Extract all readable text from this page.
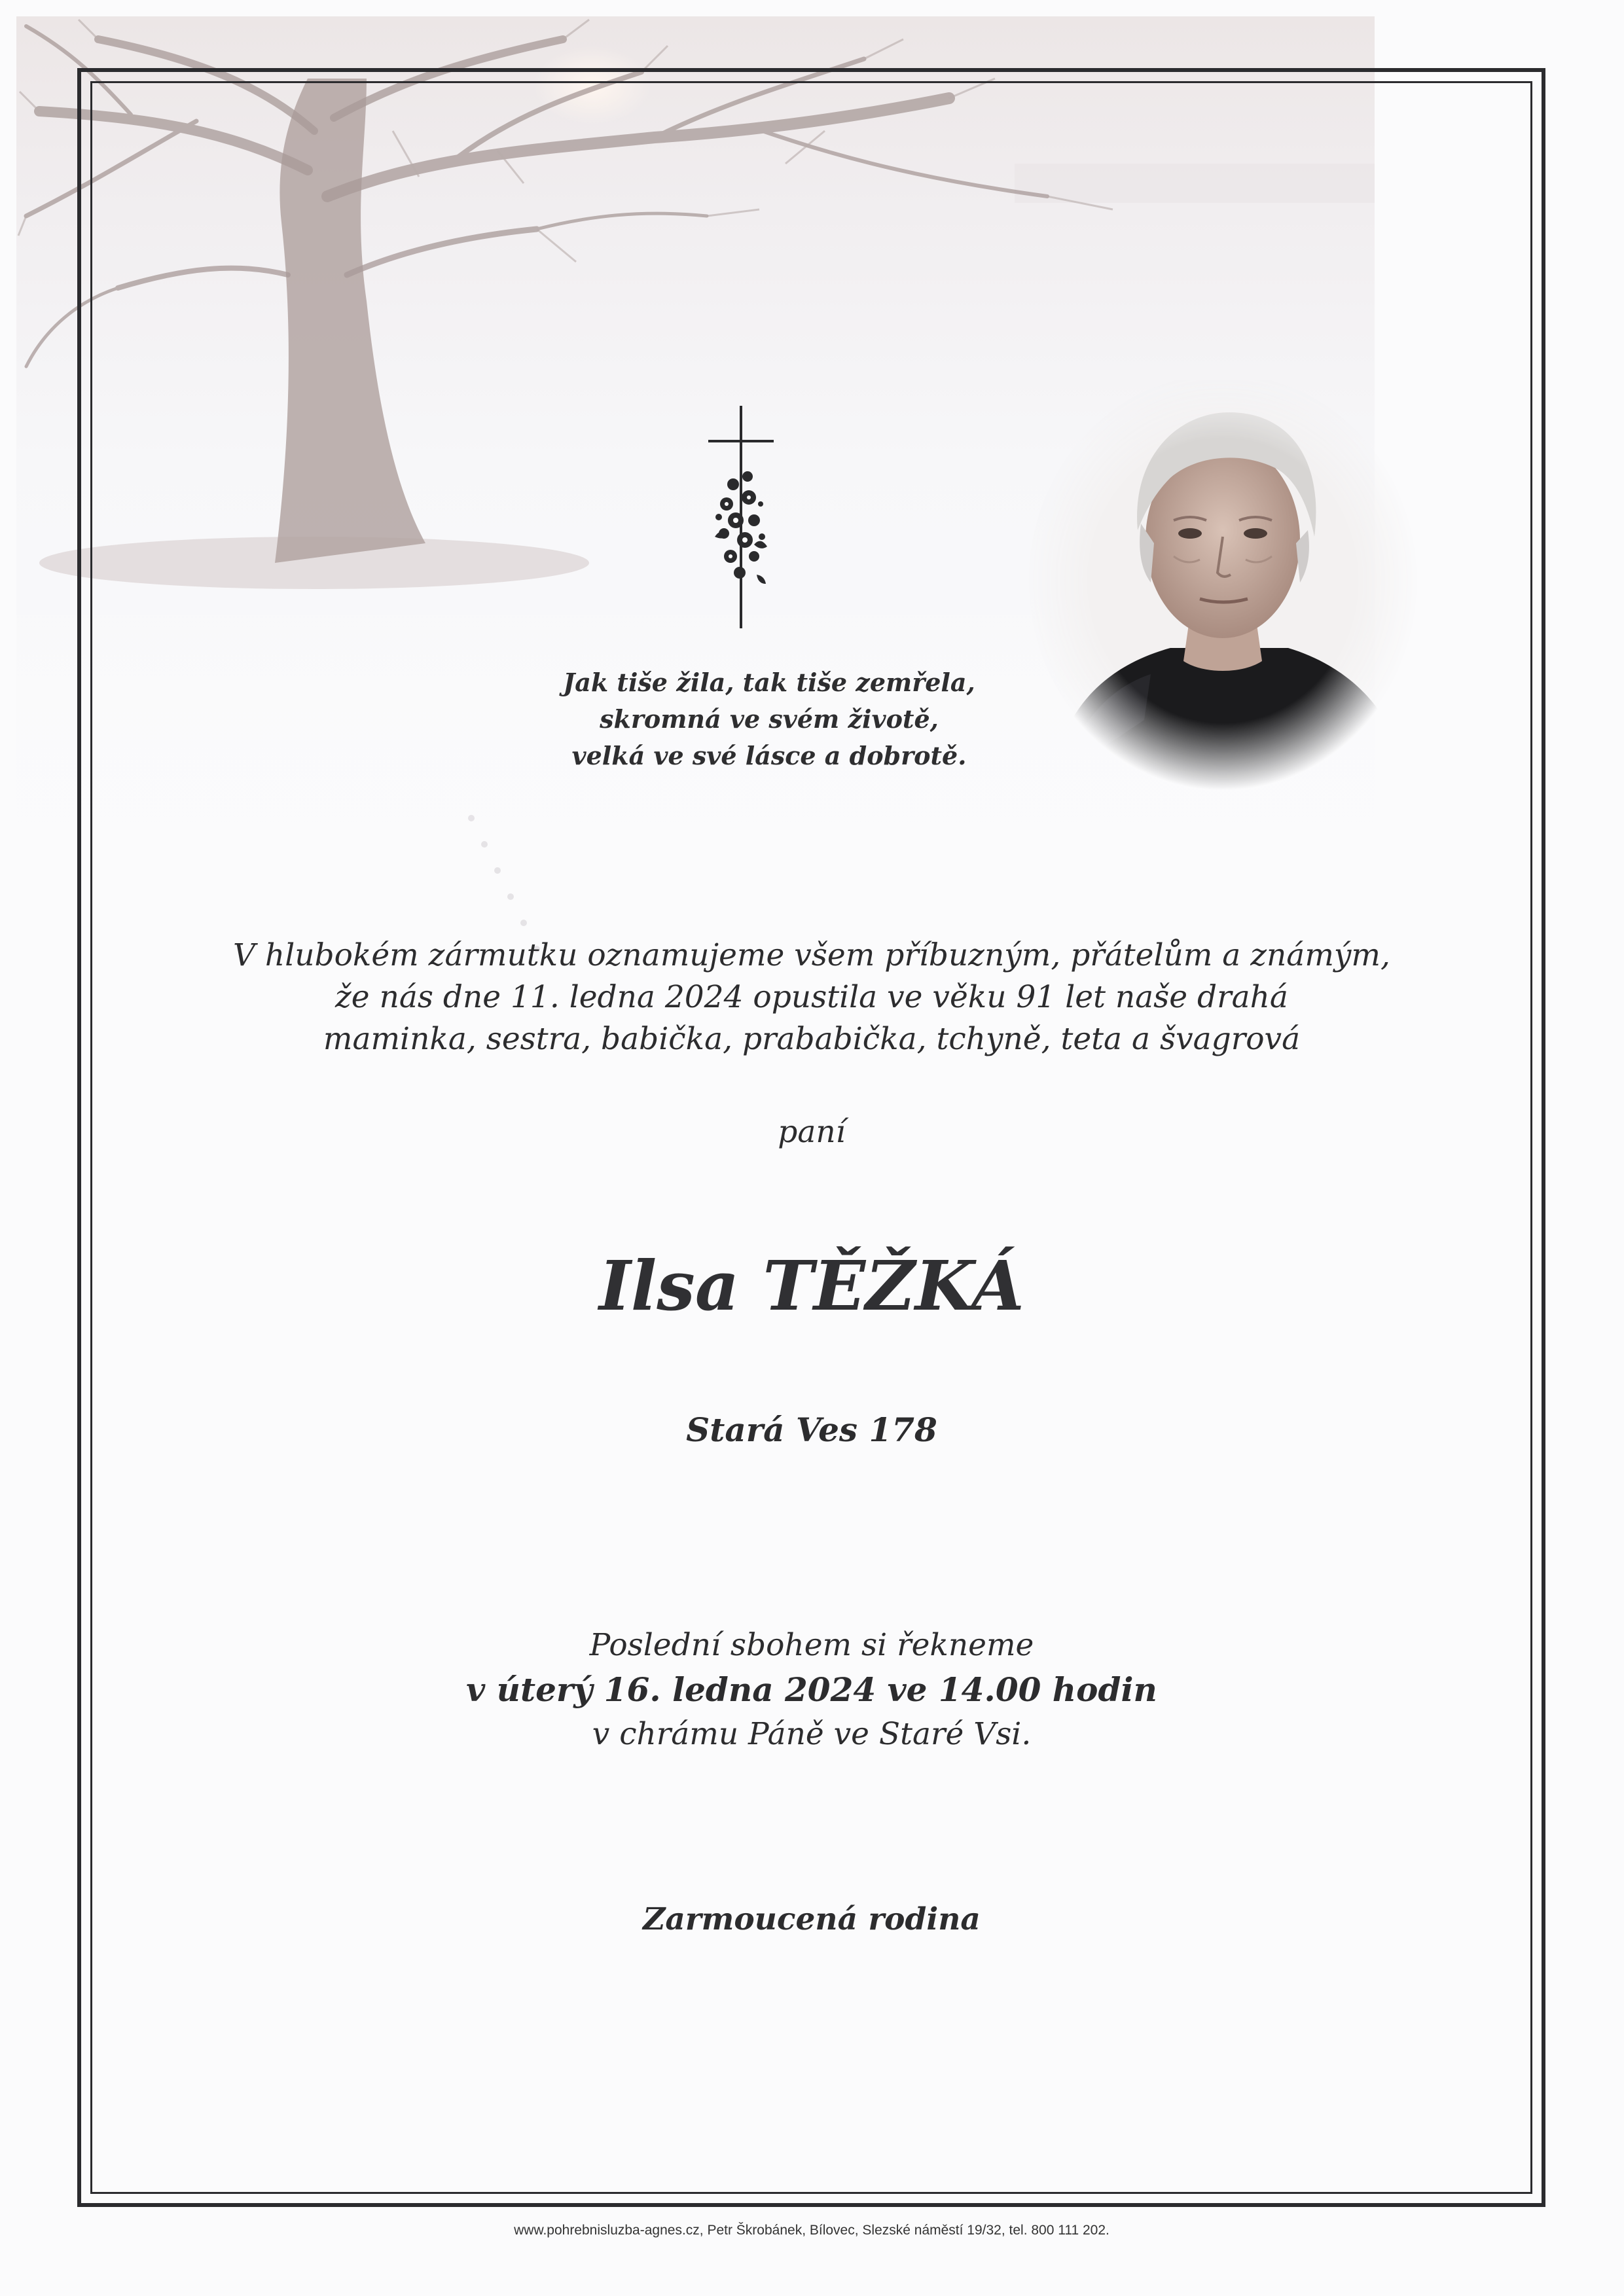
Jak tiše žila, tak tiše zemřela,
skromná ve svém životě,
velká ve své lásce a dobrotě.
V hlubokém zármutku oznamujeme všem příbuzným, přátelům a známým,
že nás dne 11. ledna 2024 opustila ve věku 91 let naše drahá
maminka, sestra, babička, prababička, tchyně, teta a švagrová
paní
Ilsa TĚŽKÁ
Stará Ves 178
Poslední sbohem si řekneme
v úterý 16. ledna 2024 ve 14.00 hodin
v chrámu Páně ve Staré Vsi.
Zarmoucená rodina
www.pohrebnisluzba-agnes.cz, Petr Škrobánek, Bílovec, Slezské náměstí 19/32, tel. 800 111 202.
